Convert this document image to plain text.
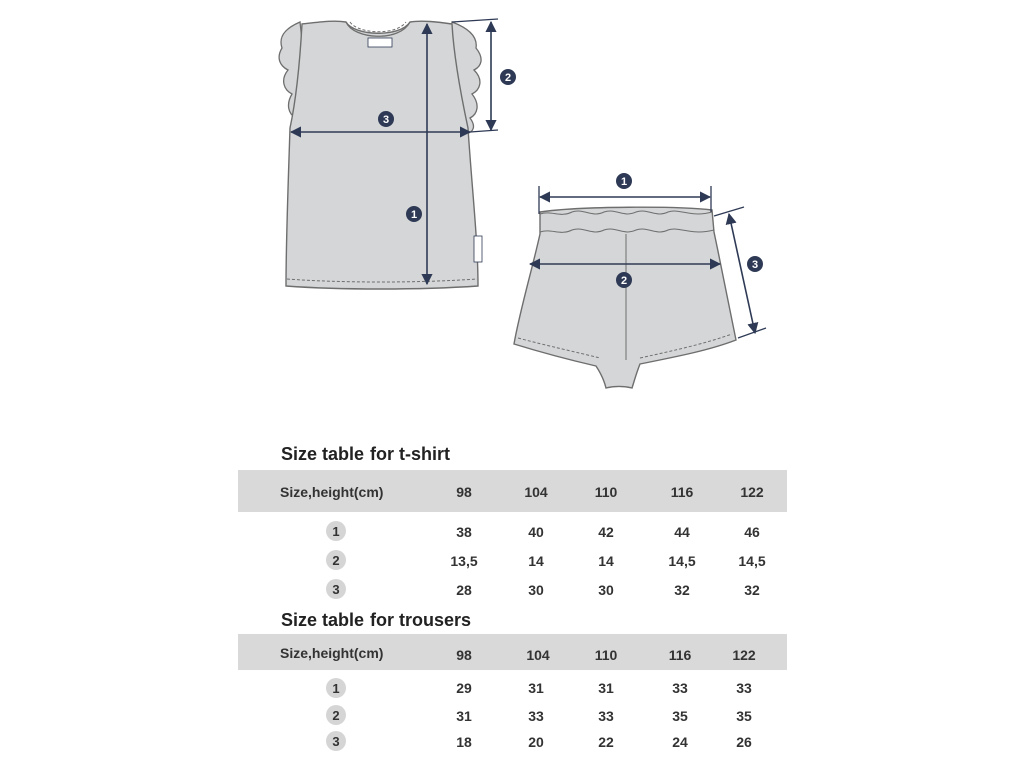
1
2
3
1
2
3
Size table for t-shirt
Size,height(cm)	98	104	110	116	122
1	38	40	42	44	46
2	13,5	14	14	14,5	14,5
3	28	30	30	32	32
Size table for trousers
Size,height(cm)	98	104	110	116	122
1	29	31	31	33	33
2	31	33	33	35	35
3	18	20	22	24	26
